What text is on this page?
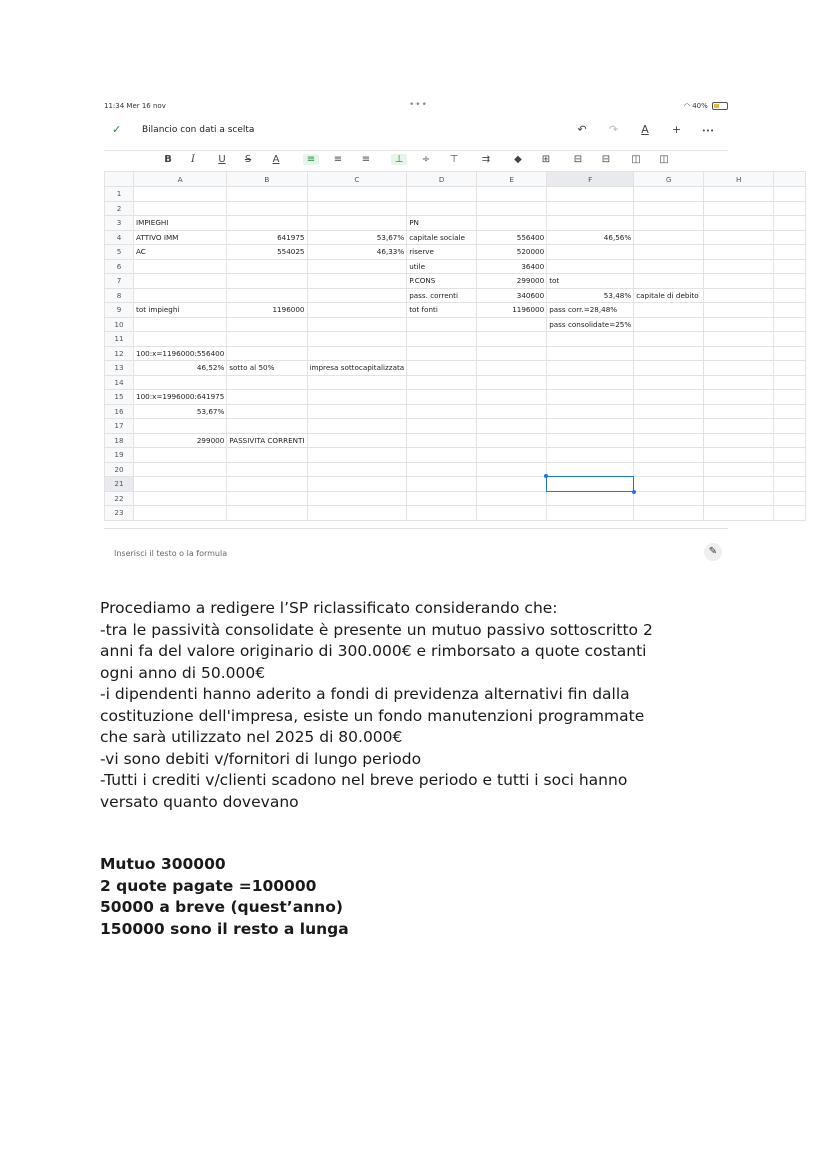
11:34 Mer 16 nov	•••	◠ 40%
✓ Bilancio con dati a scelta	↶ ↷ A +	•••
B	I	U	S	A	≡	≡	≡	⊥	÷	⊤	⇉	◆	⊞	⊟	⊟	◫	◫
	A	B	C	D	E	F	G	H	
1									
2									
3	IMPIEGHI			PN					
4	ATTIVO IMM	641975	53,67%	capitale sociale	556400	46,56%			
5	AC	554025	46,33%	riserve	520000				
6				utile	36400				
7				P.CONS	299000	tot			
8				pass. correnti	340600	53,48%	capitale di debito		
9	tot impieghi	1196000		tot fonti	1196000	pass corr.=28,48%			
10						pass consolidate=25%			
11									
12	100:x=1196000:556400								
13	46,52%	sotto al 50%	impresa sottocapitalizzata						
14									
15	100:x=1996000:641975								
16	53,67%								
17									
18	299000	PASSIVITA CORRENTI							
19									
20									
21						

22									
23									
Inserisci il testo o la formula	✎

Procediamo a redigere l’SP riclassificato considerando che:

-tra le passività consolidate è presente un mutuo passivo sottoscritto 2

anni fa del valore originario di 300.000€ e rimborsato a quote costanti

ogni anno di 50.000€

-i dipendenti hanno aderito a fondi di previdenza alternativi fin dalla

costituzione dell'impresa, esiste un fondo manutenzioni programmate

che sarà utilizzato nel 2025 di 80.000€

-vi sono debiti v/fornitori di lungo periodo

-Tutti i crediti v/clienti scadono nel breve periodo e tutti i soci hanno

versato quanto dovevano

Mutuo 300000

2 quote pagate =100000

50000 a breve (quest’anno)

150000 sono il resto a lunga
